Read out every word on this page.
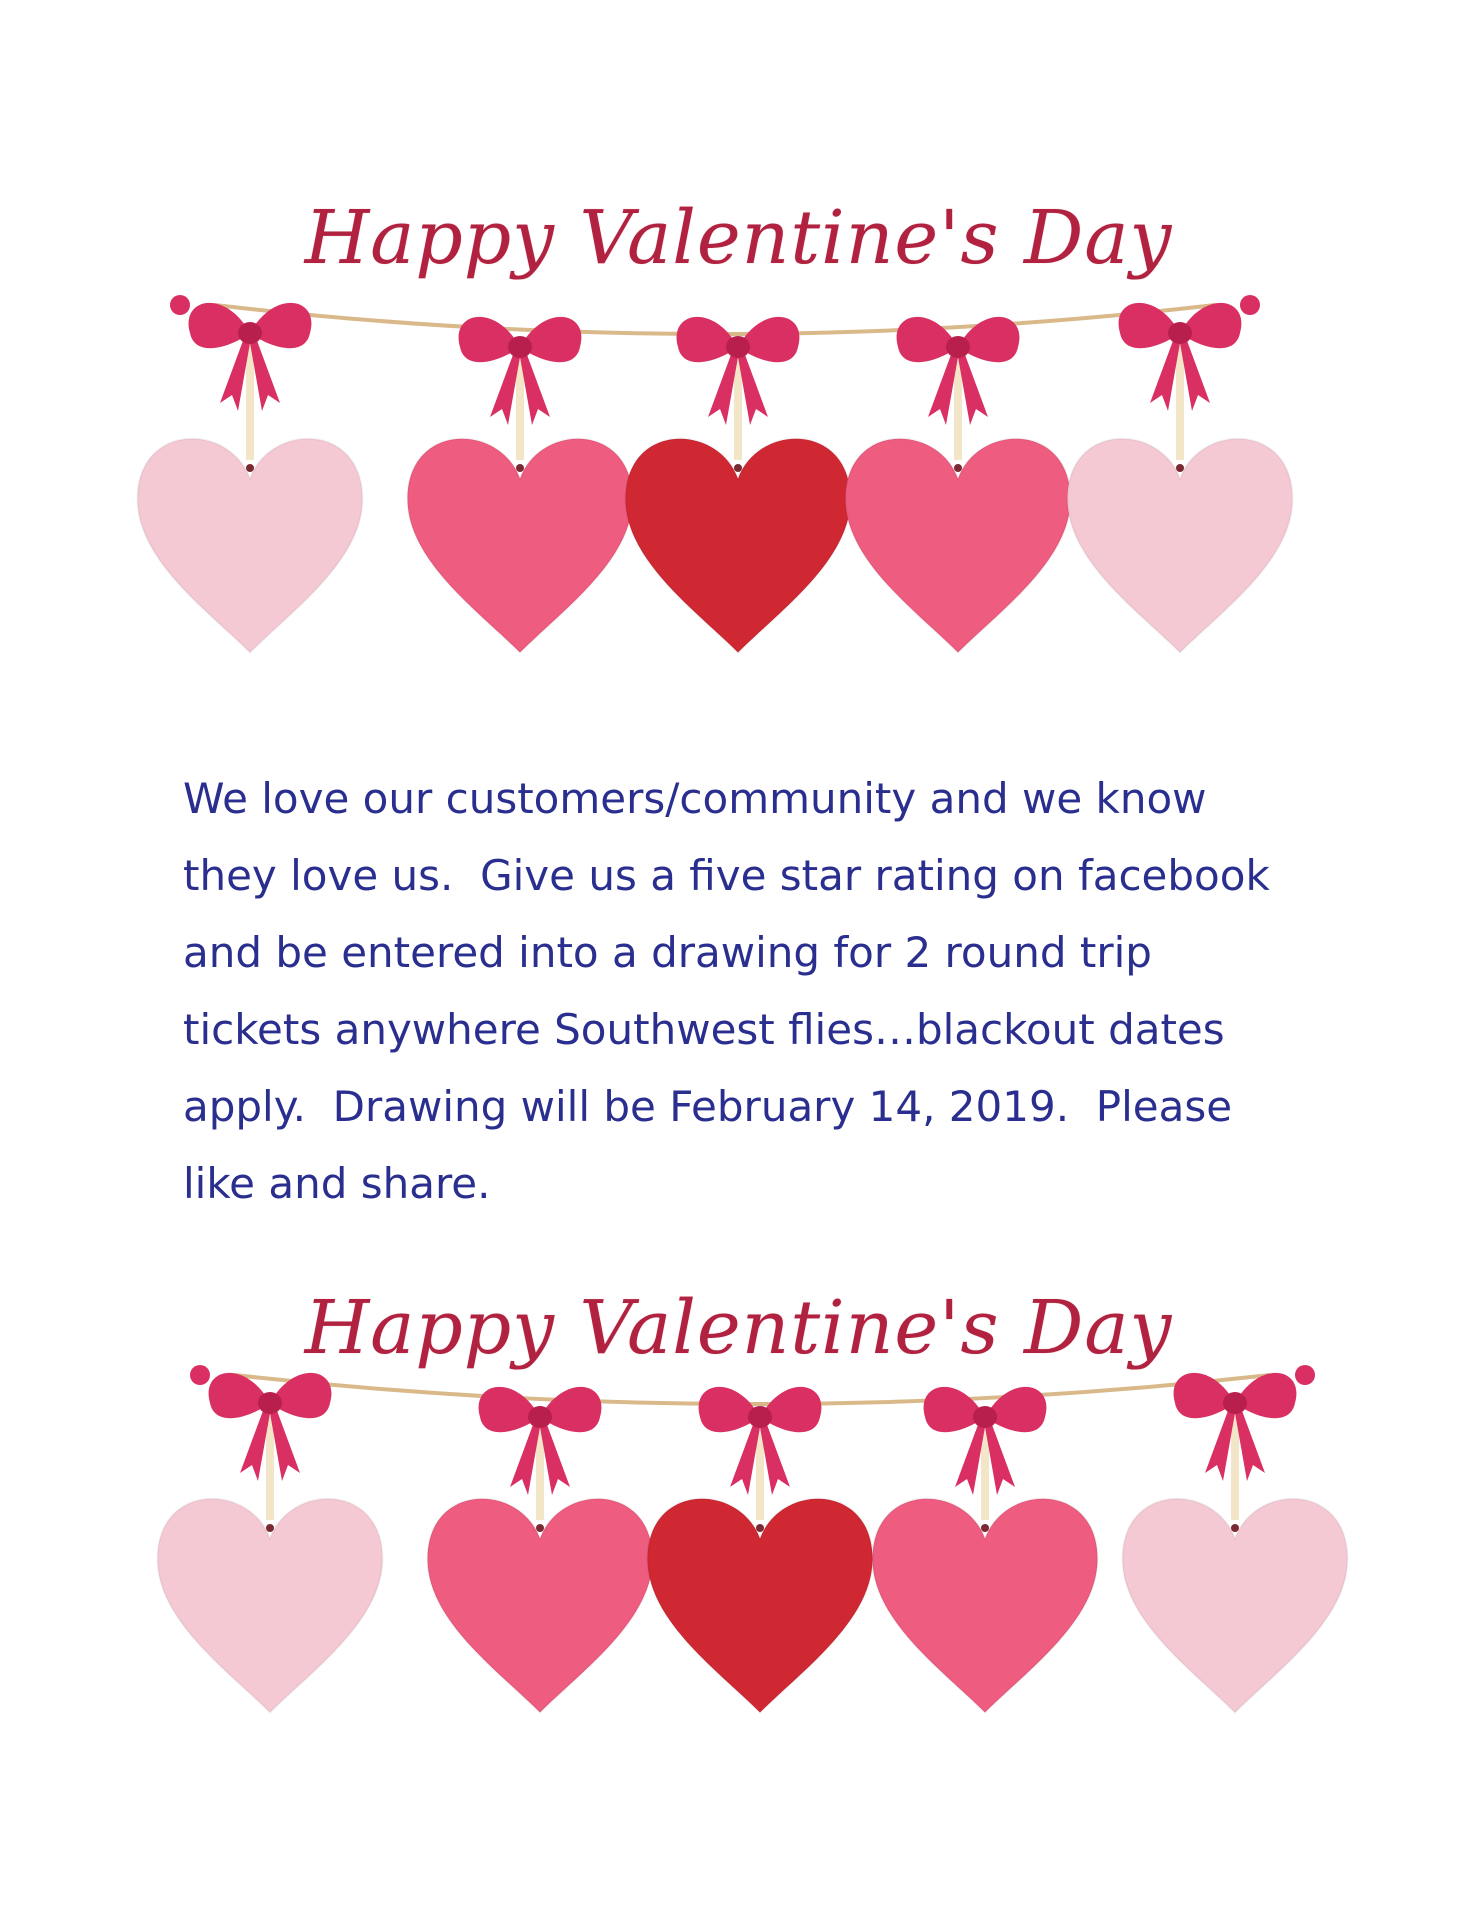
Happy Valentine's Day
We love our customers/community and we know
they love us.  Give us a five star rating on facebook
and be entered into a drawing for 2 round trip
tickets anywhere Southwest flies…blackout dates
apply.  Drawing will be February 14, 2019.  Please
like and share.
Happy Valentine's Day
